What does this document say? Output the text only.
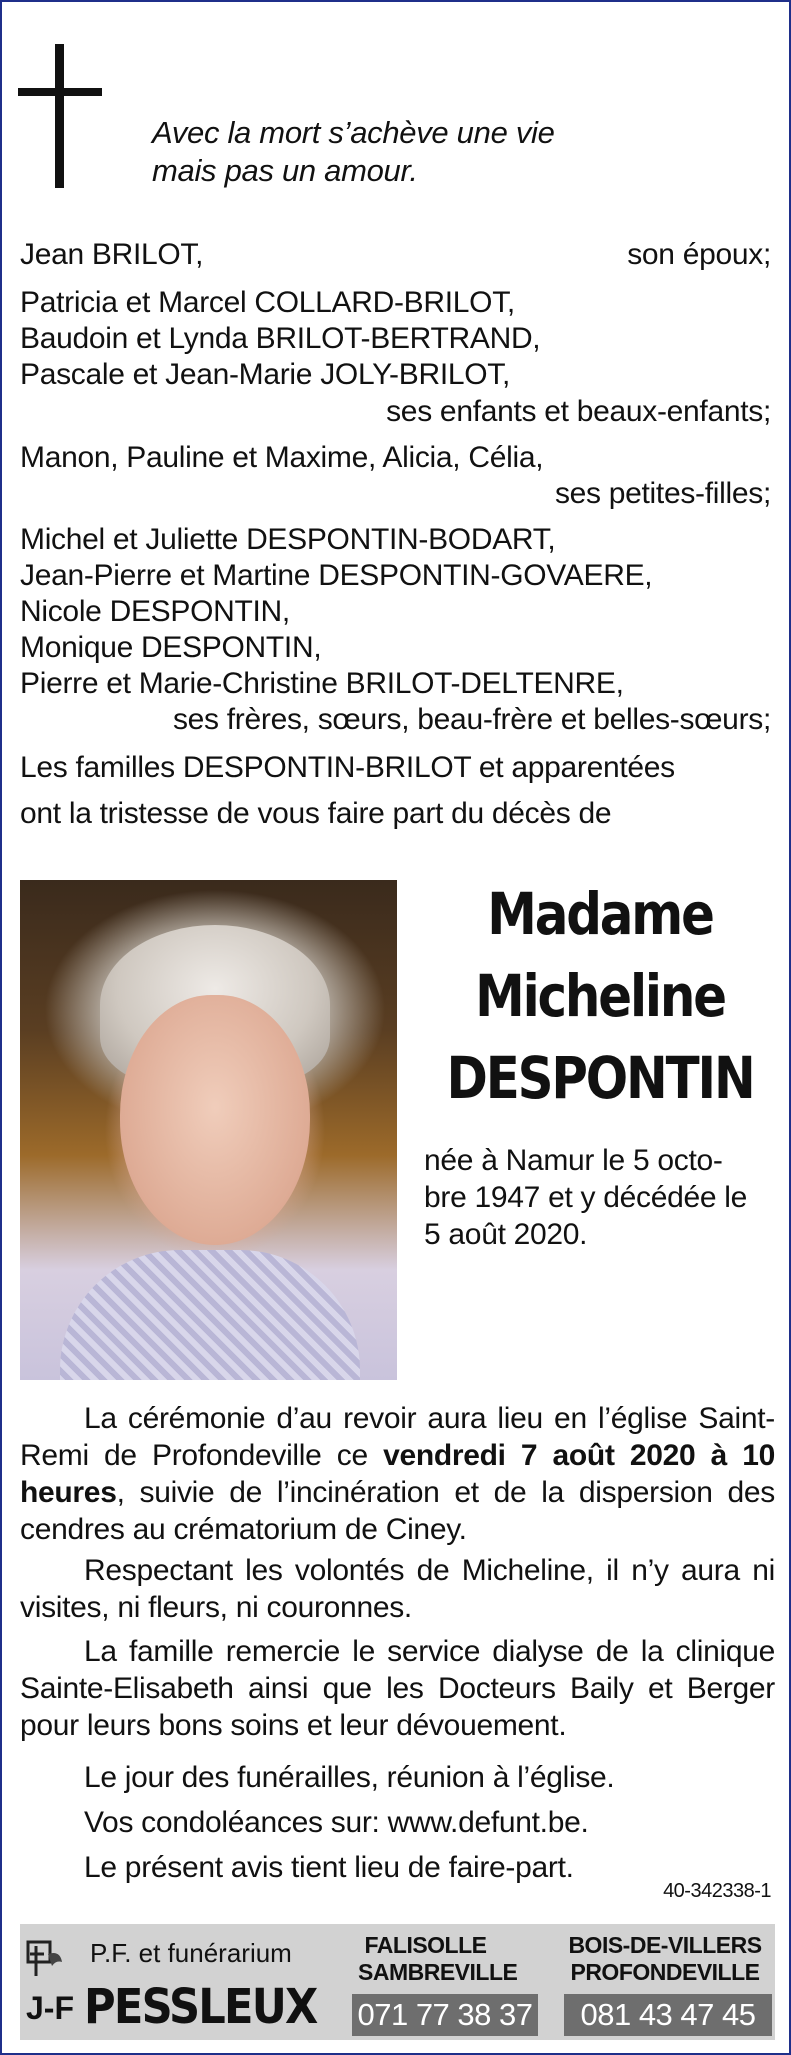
Avec la mort s’achève une vie
mais pas un amour.
Jean BRILOT,	son époux;
Patricia et Marcel COLLARD-BRILOT,
Baudoin et Lynda BRILOT-BERTRAND,
Pascale et Jean-Marie JOLY-BRILOT,
ses enfants et beaux-enfants;
Manon, Pauline et Maxime, Alicia, Célia,
ses petites-filles;
Michel et Juliette DESPONTIN-BODART,
Jean-Pierre et Martine DESPONTIN-GOVAERE,
Nicole DESPONTIN,
Monique DESPONTIN,
Pierre et Marie-Christine BRILOT-DELTENRE,
ses frères, sœurs, beau-frère et belles-sœurs;
Les familles DESPONTIN-BRILOT et apparentées
ont la tristesse de vous faire part du décès de
Madame
Micheline
DESPONTIN
née à Namur le 5 octo-
bre 1947 et y décédée le
5 août 2020.
La cérémonie d’au revoir aura lieu en l’église Saint-Remi de Profondeville ce vendredi 7 août 2020 à 10 heures, suivie de l’incinération et de la dispersion des cendres au crématorium de Ciney.
Respectant les volontés de Micheline, il n’y aura ni visites, ni fleurs, ni couronnes.
La famille remercie le service dialyse de la clinique Sainte-Elisabeth ainsi que les Docteurs Baily et Berger pour leurs bons soins et leur dévouement.
Le jour des funérailles, réunion à l’église.
Vos condoléances sur: www.defunt.be.
Le présent avis tient lieu de faire-part.
40-342338-1
P.F. et funérarium
J-F PESSLEUX
FALISOLLE
SAMBREVILLE
071 77 38 37
BOIS-DE-VILLERS
PROFONDEVILLE
081 43 47 45
